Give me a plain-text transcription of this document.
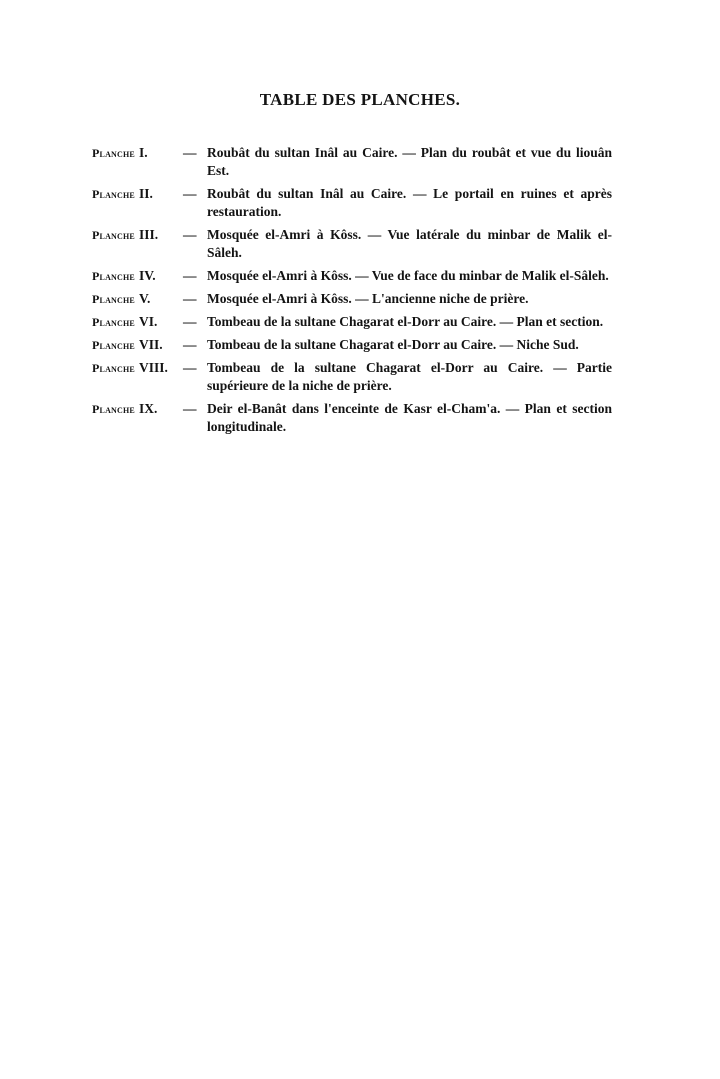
TABLE DES PLANCHES.
Planche I.	— Roubât du sultan Inâl au Caire. — Plan du roubât et vue du liouân Est.
Planche II.	— Roubât du sultan Inâl au Caire. — Le portail en ruines et après restauration.
Planche III.	— Mosquée el-Amri à Kôss. — Vue latérale du minbar de Malik el-Sâleh.
Planche IV.	— Mosquée el-Amri à Kôss. — Vue de face du minbar de Malik el-Sâleh.
Planche V.	— Mosquée el-Amri à Kôss. — L'ancienne niche de prière.
Planche VI.	— Tombeau de la sultane Chagarat el-Dorr au Caire. — Plan et section.
Planche VII.	— Tombeau de la sultane Chagarat el-Dorr au Caire. — Niche Sud.
Planche VIII.	— Tombeau de la sultane Chagarat el-Dorr au Caire. — Partie supérieure de la niche de prière.
Planche IX.	— Deir el-Banât dans l'enceinte de Kasr el-Cham'a. — Plan et section longitudinale.
